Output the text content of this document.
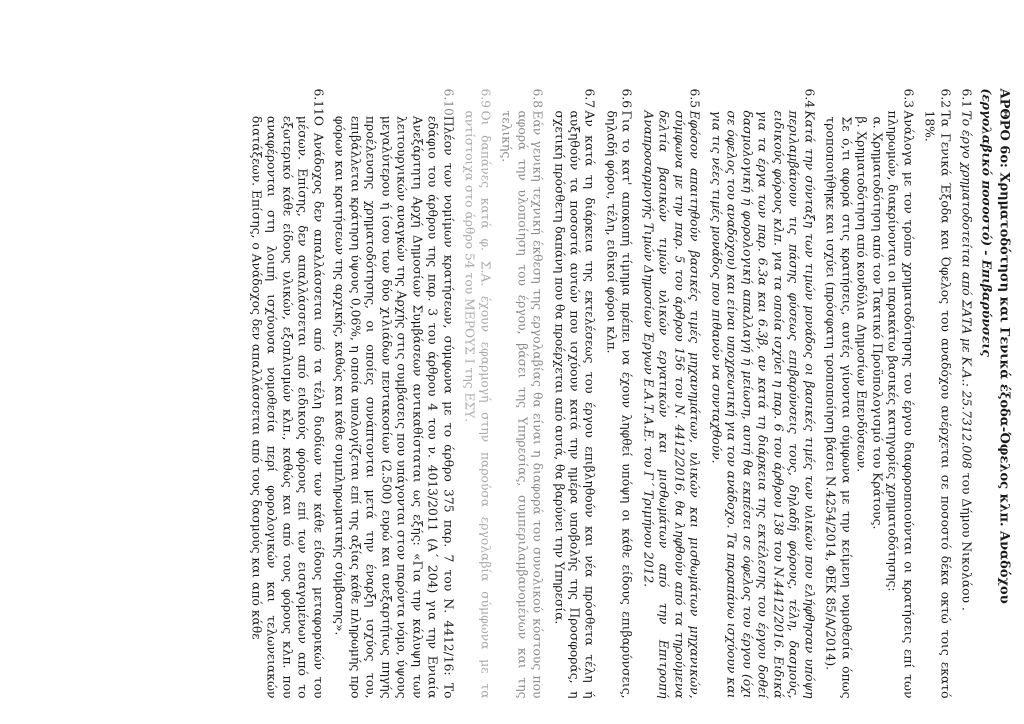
ΑΡΘΡΟ 6ο: Χρηματοδότηση και Γενικά έξοδα-Όφελος κλπ. Αναδόχου
(εργολαβικό ποσοστό) - Επιβαρύνσεις
6.1
Το έργο χρηματοδοτείται από ΣΑΤΑ με Κ.Α.: 25.7312.008 του Δήμου Νικολάου .
6.2
Τα Γενικά Έξοδα και Όφελος του αναδόχου ανέρχεται σε ποσοστό δέκα οκτώ τοις εκατό 18%.
6.3
Ανάλογα με τον τρόπο χρηματοδότησης του έργου διαφοροποιούνται οι κρατήσεις επί των πληρωμών, διακρίνονται οι παρακάτω βασικές κατηγορίες χρηματοδότησης:
α. Χρηματοδότηση από τον Τακτικό Προϋπολογισμό του Κράτους.
β. Χρηματοδότηση από κονδύλια Δημοσίων Επενδύσεων.
Σε ό,τι αφορά στις κρατήσεις, αυτές γίνονται σύμφωνα με την κείμενη νομοθεσία όπως τροποποιήθηκε και ισχύει (πρόσφατη τροποποίηση βάσει Ν.4254/2014, ΦΕΚ 85/Α/2014).
6.4
Κατά την σύνταξη των τιμών μονάδος οι βασικές τιμές των υλικών που ελήφθησαν υπόψη περιλαμβάνουν τις πάσης φύσεως επιβαρύνσεις τους, δηλαδή φόρους, τέλη, δασμούς, ειδικούς φόρους κλπ. για τα οποία ισχύει η παρ. 6 του άρθρου 138 του Ν.4412/2016. Ειδικά για τα έργα των παρ. 6.3α και 6.3β, αν κατά τη διάρκεια της εκτέλεσης του έργου δοθεί δασμολογική ή φορολογική απαλλαγή ή μείωση, αυτή θα εκπέσει σε όφελος του έργου (όχι σε όφελος του αναδόχου) και είναι υποχρεωτική για τον ανάδοχο. Τα παραπάνω ισχύουν και για τις νέες τιμές μονάδος που πιθανόν να συνταχθούν.
6.5
Εφόσον απαιτηθούν βασικές τιμές μηχανημάτων, υλικών και μισθωμάτων μηχανικών, σύμφωνα με την παρ. 5 του άρθρου 156 του Ν. 4412/2016, θα ληφθούν από τα τηρούμενα δελτία βασικών τιμών υλικών εργατικών και μισθωμάτων από την Επιτροπή Αναπροσαρμογής Τιμών Δημοσίων Έργων Ε.Α.Τ.Α.Ε. του Γ΄ Τριμήνου 2012.
6.6
Για το κατ' αποκοπή τίμημα πρέπει να έχουν ληφθεί υπόψη οι κάθε είδους επιβαρύνσεις, δηλαδή φόροι, τέλη, ειδικοί φόροι κλπ.
6.7
Αν κατά τη διάρκεια της εκτελέσεως του έργου επιβληθούν και νέα πρόσθετα τέλη ή αυξηθούν τα ποσοστά αυτών που ισχύουν κατά την ημέρα υποβολής της Προσφοράς, η σχετική πρόσθετη δαπάνη που θα προέρχεται από αυτά, θα βαρύνει την Υπηρεσία.
6.8
Εάν γενική τεχνική έκθεση της εργολαβίας θα είναι η διαφορά του συνολικού κόστους που αφορά την υλοποίηση του έργου, βάσει της Υπηρεσίας, συμπεριλαμβανομένων και της τελικής.
6.9
Οι δαπάνες κατά φ. Σ.Α. έχουν εφαρμογή στην παρούσα εργολαβία σύμφωνα με τα αντίστοιχα στο άρθρο 54 του ΜΕΡΟΥΣ Ι της ΕΣΥ.
6.10
Πλέον των νομίμων κρατήσεων, σύμφωνα με το άρθρο 375 παρ. 7 του Ν. 4412/16: Το εδάφιο του άρθρου της παρ. 3 του άρθρου 4 του ν. 4013/2011 (Α΄ 204) για την Ενιαία Ανεξάρτητη Αρχή Δημοσίων Συμβάσεων αντικαθίσταται ως εξής: «Για την κάλυψη των λειτουργικών αναγκών της Αρχής στις συμβάσεις που υπάγονται στον παρόντα νόμο, ύψους μεγαλύτερου ή ίσου των δύο χιλιάδων πεντακοσίων (2.500) ευρώ και ανεξαρτήτως πηγής προέλευσης χρηματοδότησης, οι οποίες συνάπτονται μετά την έναρξη ισχύος του, επιβάλλεται κράτηση ύψους 0,06%, η οποία υπολογίζεται επί της αξίας κάθε πληρωμής προ φόρων και κρατήσεων της αρχικής, καθώς και κάθε συμπληρωματικής σύμβασης».
6.11
Ο Ανάδοχος δεν απαλλάσσεται από τα τέλη διοδίων των κάθε είδους μεταφορικών του μέσων. Επίσης, δεν απαλλάσσεται από ειδικούς φόρους επί των εισαγομένων από το εξωτερικό κάθε είδους υλικών, εξοπλισμών κλπ., καθώς και από τους φόρους κλπ. που αναφέρονται στη λοιπή ισχύουσα νομοθεσία περί φορολογικών και τελωνειακών διατάξεων. Επίσης, ο Ανάδοχος δεν απαλλάσσεται από τους δασμούς και από κάθε
